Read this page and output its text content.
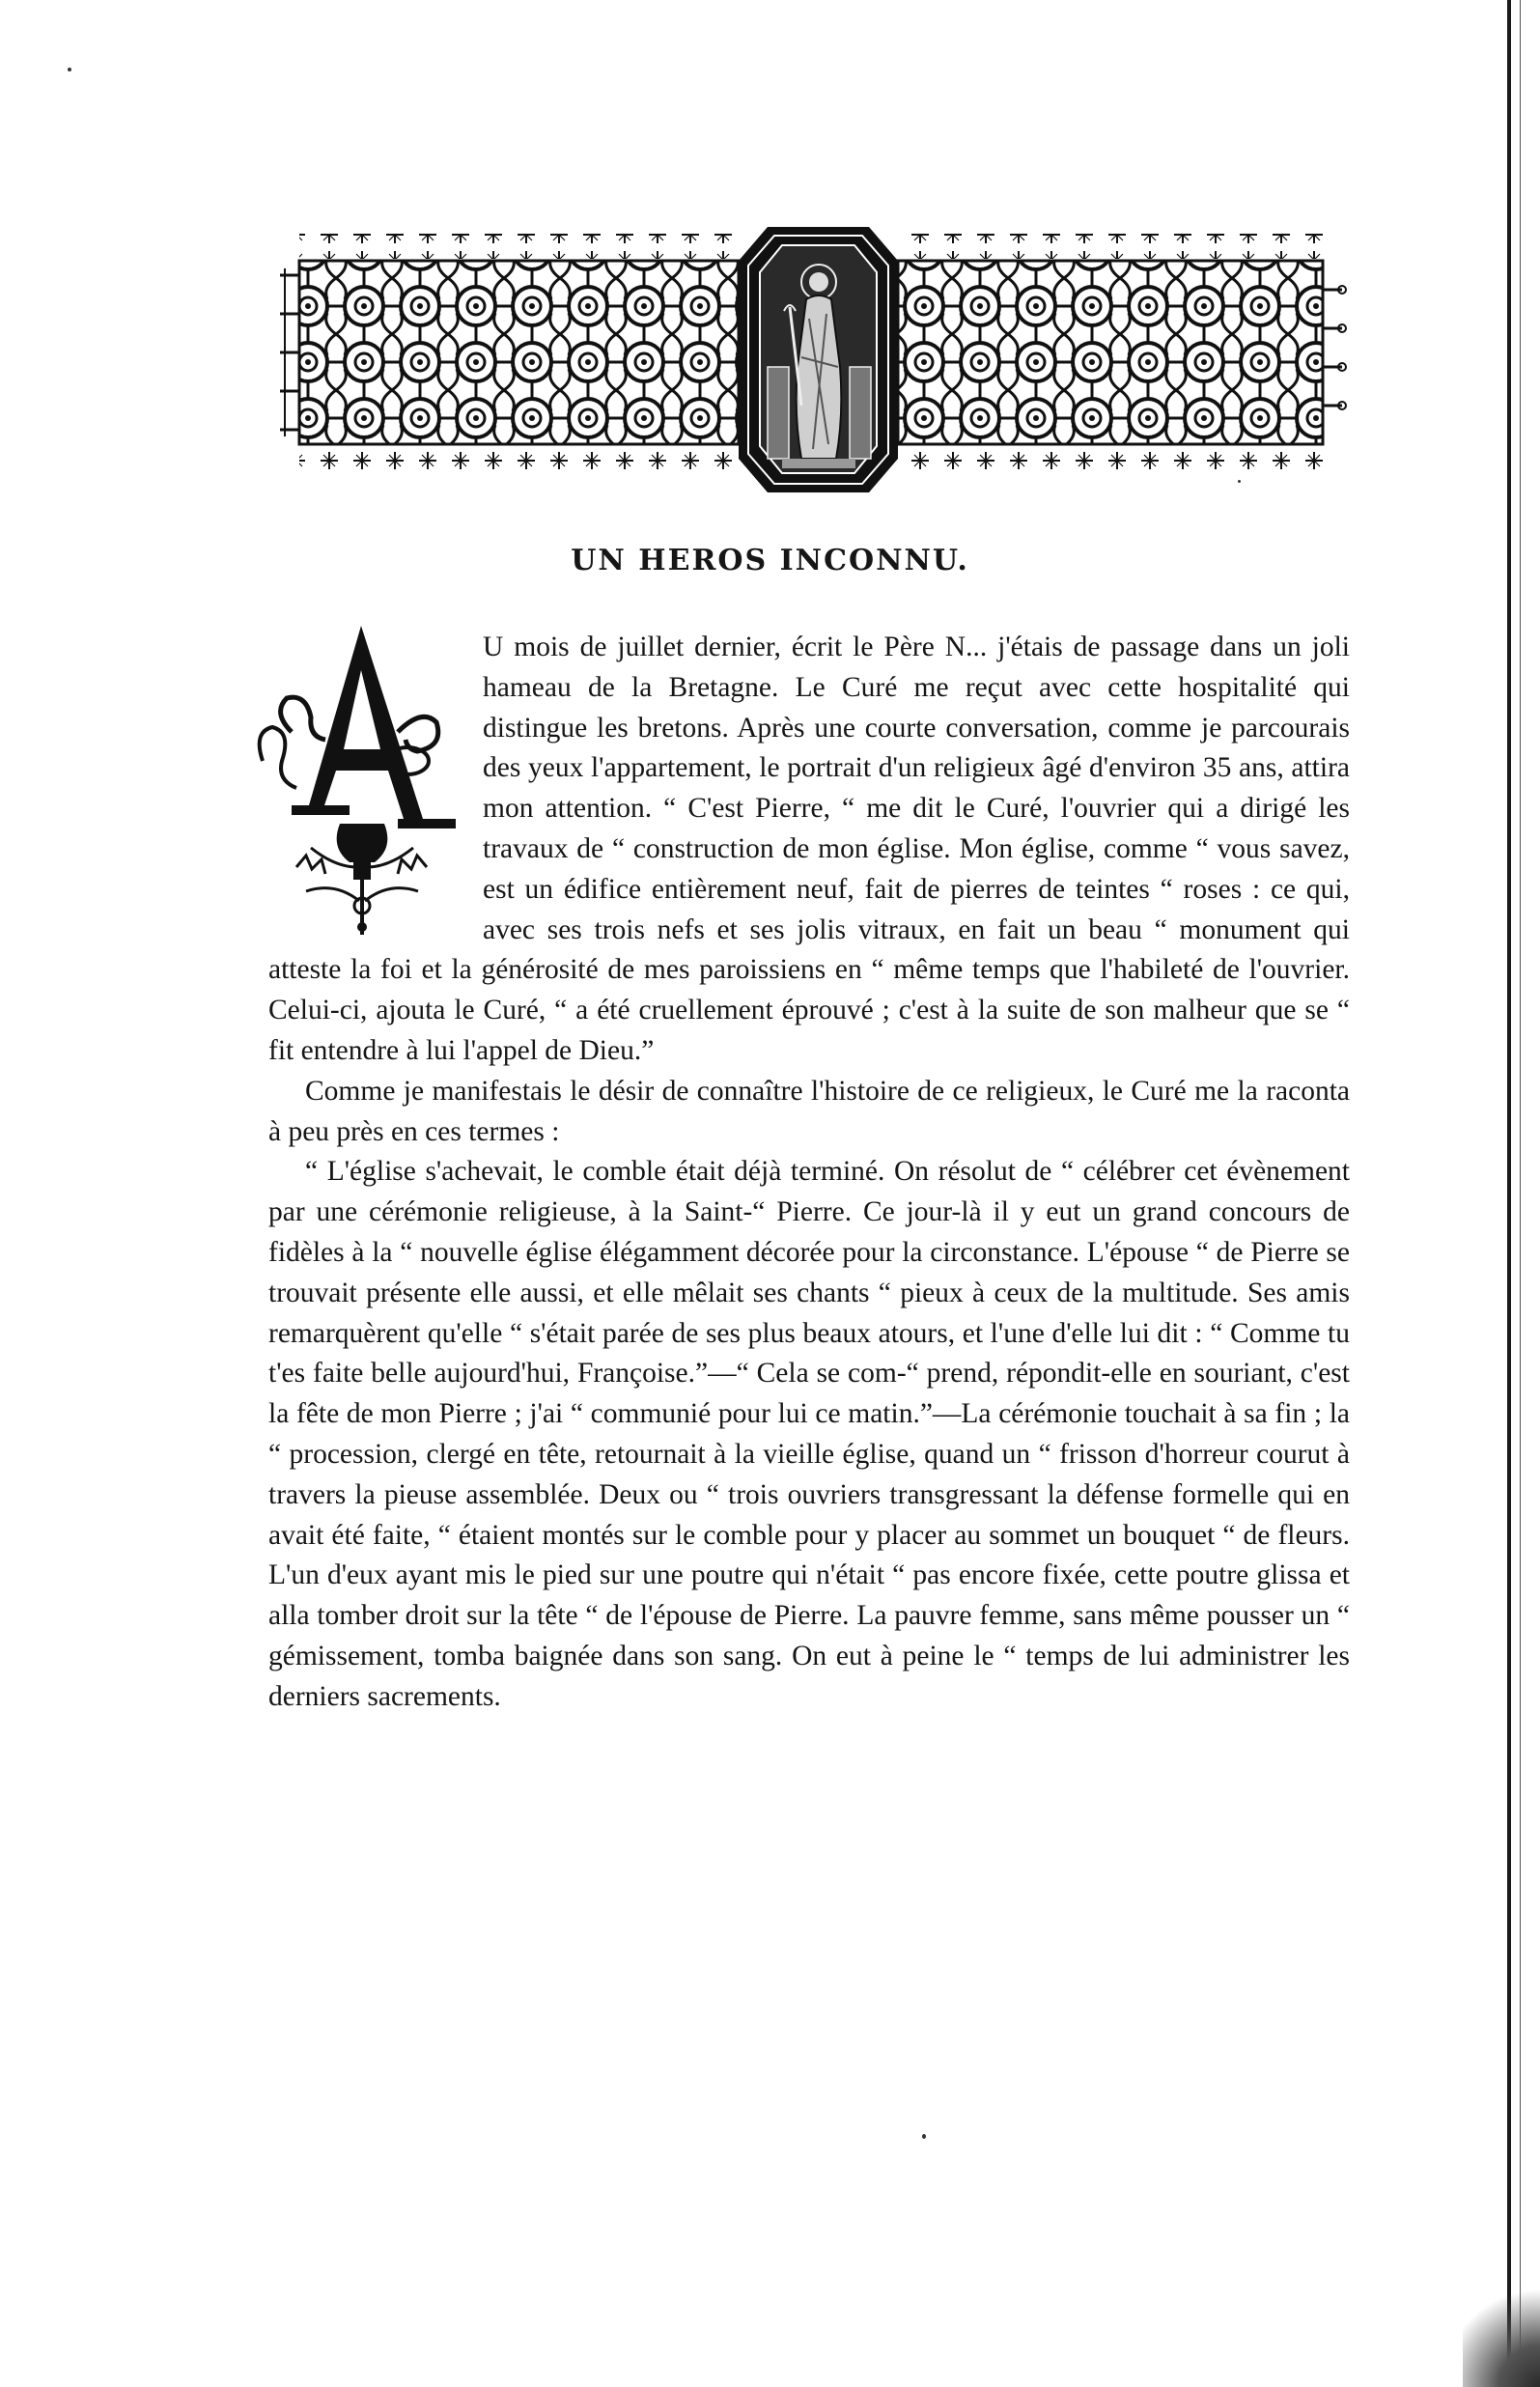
UN HEROS INCONNU.
A

U mois de juillet dernier, écrit le Père N... j'étais de passage dans un joli hameau de la Bretagne. Le Curé me reçut avec cette hospitalité qui distingue les bretons. Après une courte conversation, comme je parcourais des yeux l'appartement, le portrait d'un religieux âgé d'environ 35 ans, attira mon attention. “ C'est Pierre, “ me dit le Curé, l'ouvrier qui a dirigé les travaux de “ construction de mon église. Mon église, comme “ vous savez, est un édifice entièrement neuf, fait de pierres de teintes “ roses : ce qui, avec ses trois nefs et ses jolis vitraux, en fait un beau “ monument qui atteste la foi et la générosité de mes paroissiens en “ même temps que l'habileté de l'ouvrier. Celui-ci, ajouta le Curé, “ a été cruellement éprouvé ; c'est à la suite de son malheur que se “ fit entendre à lui l'appel de Dieu.”

Comme je manifestais le désir de connaître l'histoire de ce religieux, le Curé me la raconta à peu près en ces termes :

“ L'église s'achevait, le comble était déjà terminé. On résolut de “ célébrer cet évènement par une cérémonie religieuse, à la Saint-“ Pierre. Ce jour-là il y eut un grand concours de fidèles à la “ nouvelle église élégamment décorée pour la circonstance. L'épouse “ de Pierre se trouvait présente elle aussi, et elle mêlait ses chants “ pieux à ceux de la multitude. Ses amis remarquèrent qu'elle “ s'était parée de ses plus beaux atours, et l'une d'elle lui dit : “ Comme tu t'es faite belle aujourd'hui, Françoise.”—“ Cela se com-“ prend, répondit-elle en souriant, c'est la fête de mon Pierre ; j'ai “ communié pour lui ce matin.”—La cérémonie touchait à sa fin ; la “ procession, clergé en tête, retournait à la vieille église, quand un “ frisson d'horreur courut à travers la pieuse assemblée. Deux ou “ trois ouvriers transgressant la défense formelle qui en avait été faite, “ étaient montés sur le comble pour y placer au sommet un bouquet “ de fleurs. L'un d'eux ayant mis le pied sur une poutre qui n'était “ pas encore fixée, cette poutre glissa et alla tomber droit sur la tête “ de l'épouse de Pierre. La pauvre femme, sans même pousser un “ gémissement, tomba baignée dans son sang. On eut à peine le “ temps de lui administrer les derniers sacrements.
